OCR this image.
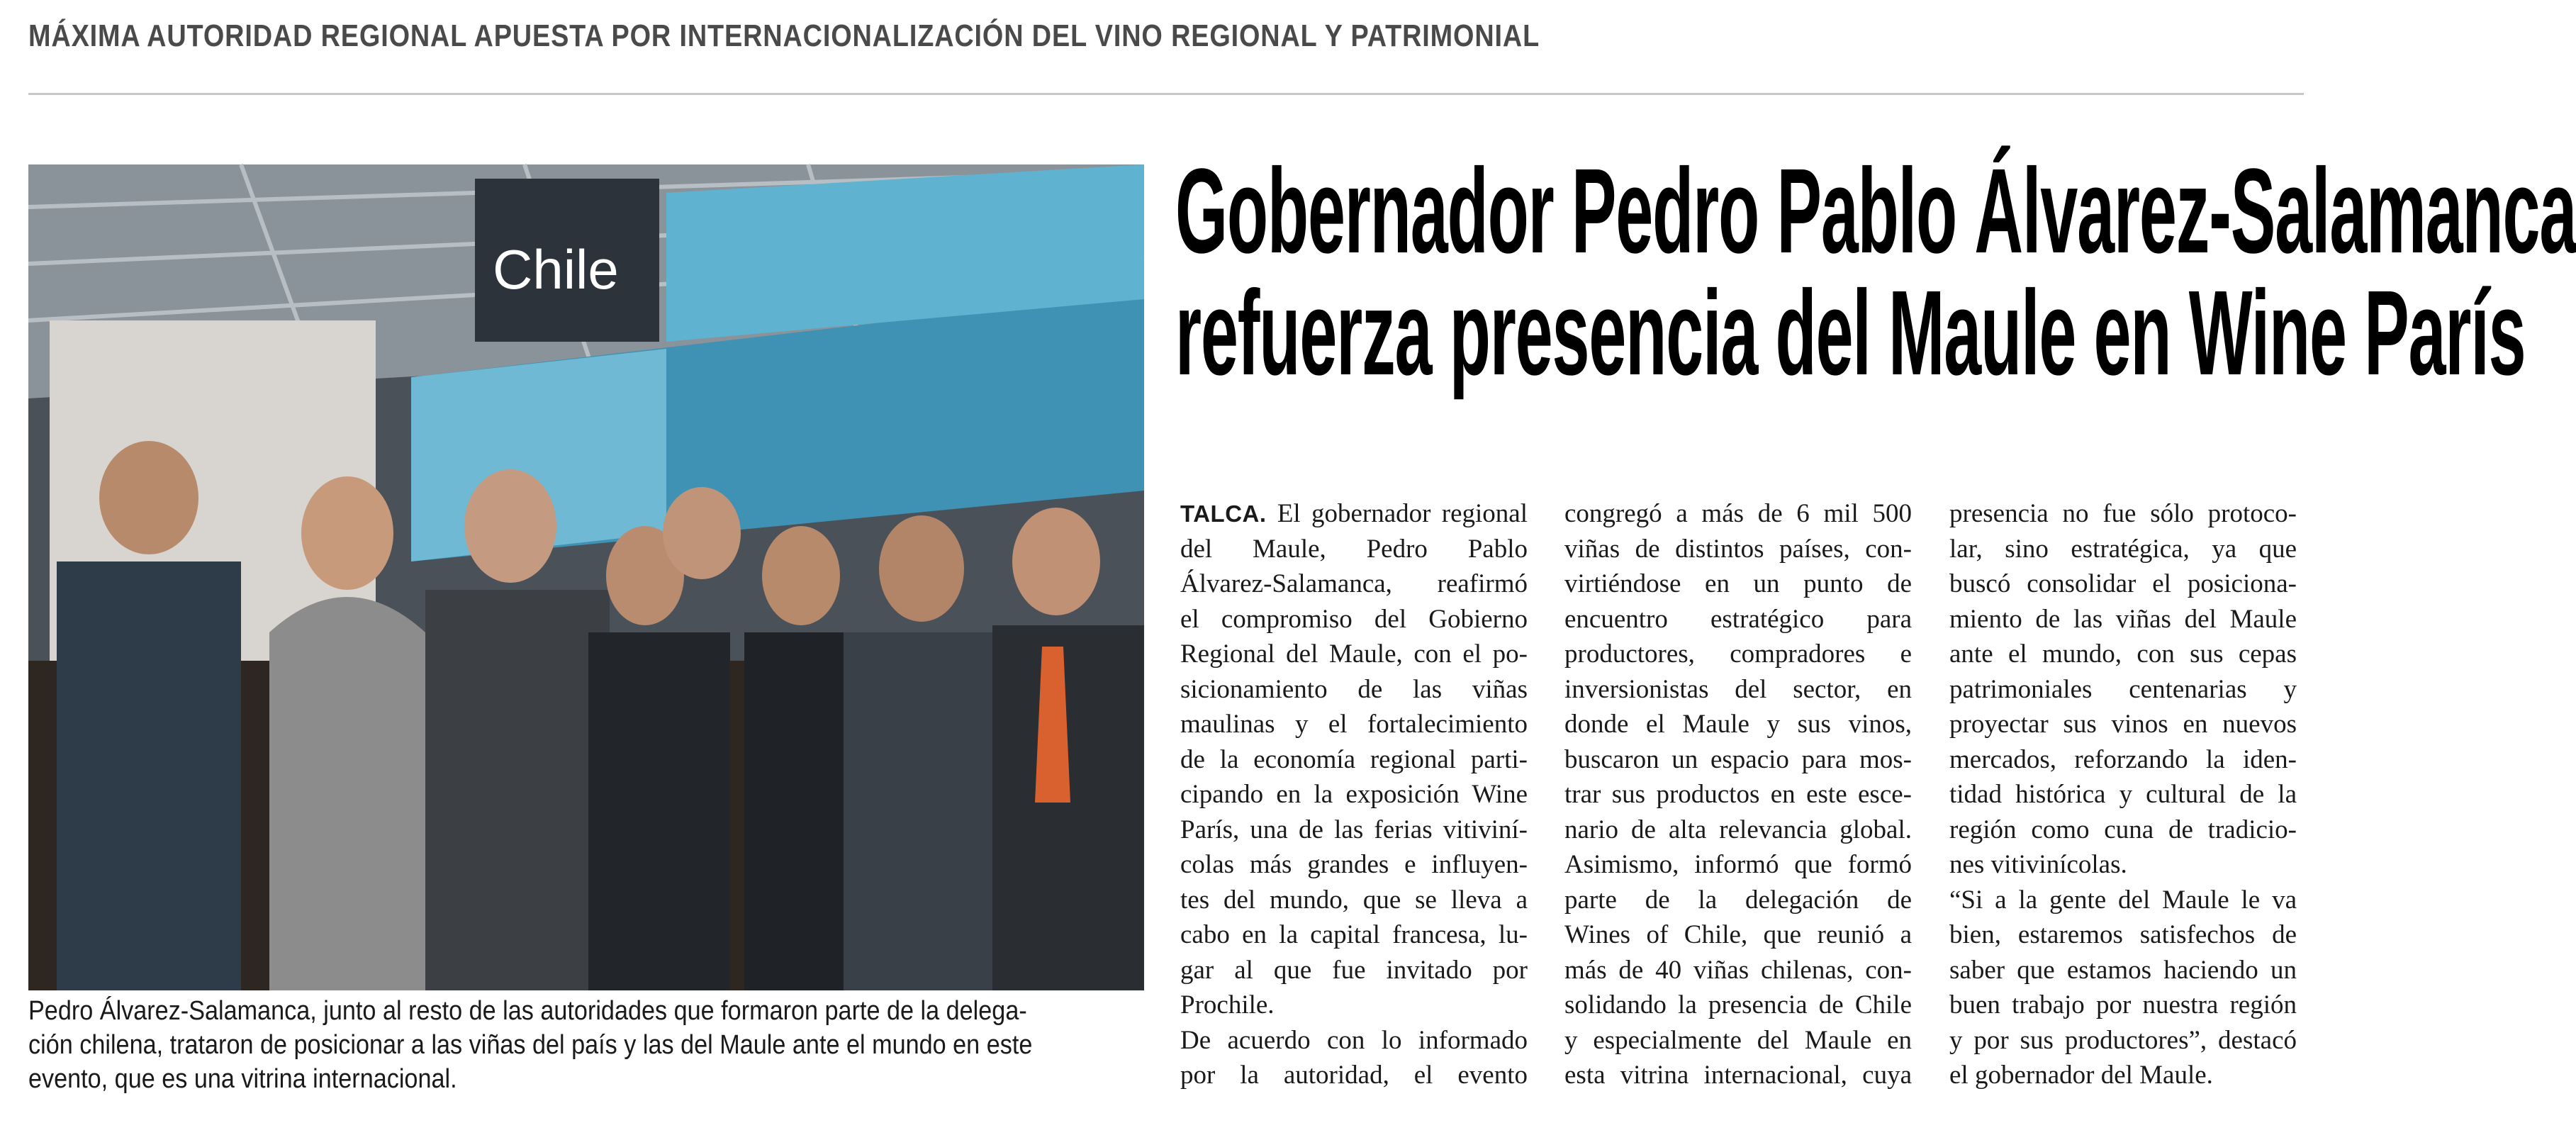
MÁXIMA AUTORIDAD REGIONAL APUESTA POR INTERNACIONALIZACIÓN DEL VINO REGIONAL Y PATRIMONIAL
Chile
Pedro Álvarez-Salamanca, junto al resto de las autoridades que formaron parte de la delega-
ción chilena, trataron de posicionar a las viñas del país y las del Maule ante el mundo en este
evento, que es una vitrina internacional.
Gobernador Pedro Pablo Álvarez-Salamanca
refuerza presencia del Maule en Wine París
TALCA. El gobernador regional
del Maule, Pedro Pablo
Álvarez-Salamanca, reafirmó
el compromiso del Gobierno
Regional del Maule, con el po-
sicionamiento de las viñas
maulinas y el fortalecimiento
de la economía regional parti-
cipando en la exposición Wine
París, una de las ferias vitiviní-
colas más grandes e influyen-
tes del mundo, que se lleva a
cabo en la capital francesa, lu-
gar al que fue invitado por
Prochile.
De acuerdo con lo informado
por la autoridad, el evento
congregó a más de 6 mil 500
viñas de distintos países, con-
virtiéndose en un punto de
encuentro estratégico para
productores, compradores e
inversionistas del sector, en
donde el Maule y sus vinos,
buscaron un espacio para mos-
trar sus productos en este esce-
nario de alta relevancia global.
Asimismo, informó que formó
parte de la delegación de
Wines of Chile, que reunió a
más de 40 viñas chilenas, con-
solidando la presencia de Chile
y especialmente del Maule en
esta vitrina internacional, cuya
presencia no fue sólo protoco-
lar, sino estratégica, ya que
buscó consolidar el posiciona-
miento de las viñas del Maule
ante el mundo, con sus cepas
patrimoniales centenarias y
proyectar sus vinos en nuevos
mercados, reforzando la iden-
tidad histórica y cultural de la
región como cuna de tradicio-
nes vitivinícolas.
“Si a la gente del Maule le va
bien, estaremos satisfechos de
saber que estamos haciendo un
buen trabajo por nuestra región
y por sus productores”, destacó
el gobernador del Maule.
